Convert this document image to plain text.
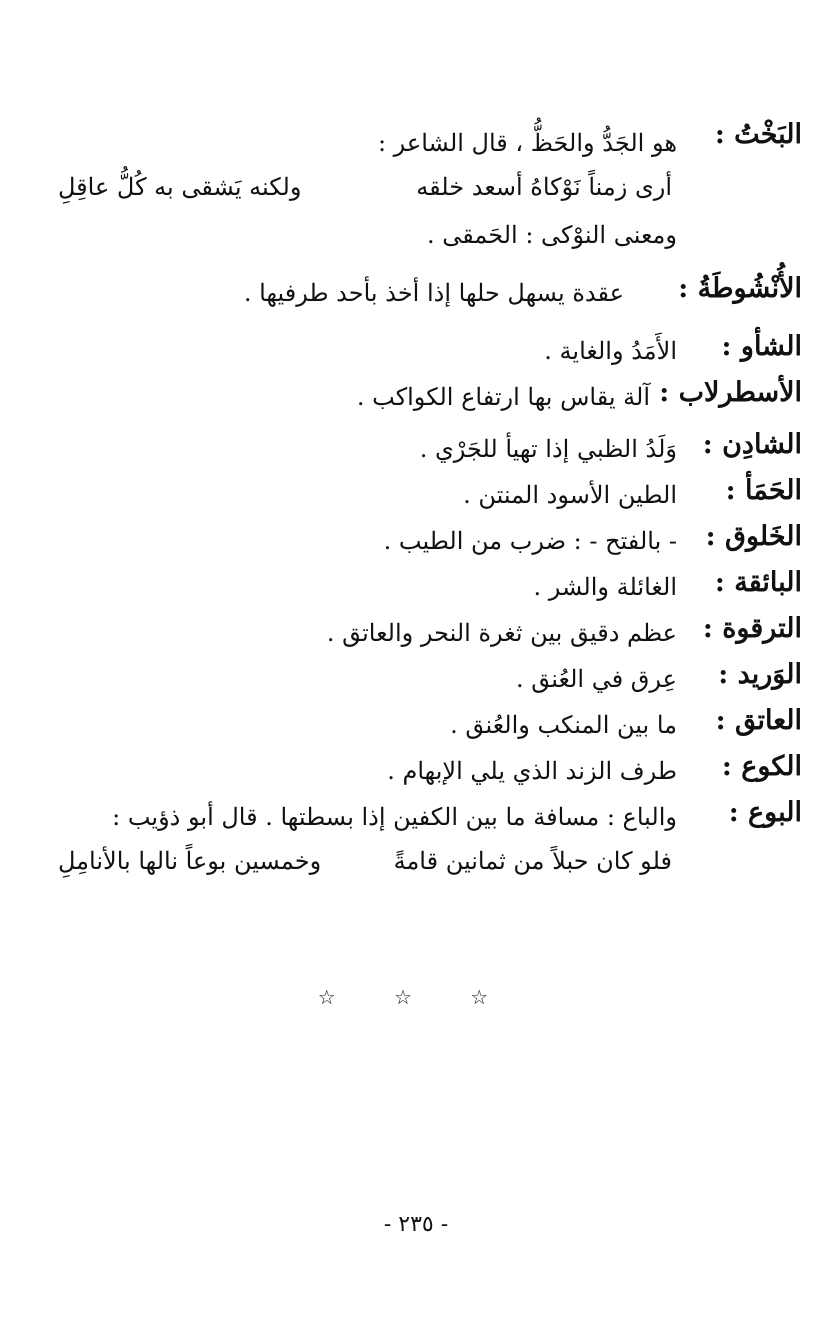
البَخْتُ :
هو الجَدُّ والحَظُّ ، قال الشاعر :
أرى زمناً نَوْكاهُ أسعد خلقه
ولكنه يَشقى به كُلُّ عاقِلِ
ومعنى النوْكى : الحَمقى .
الأُنْشُوطَةُ :
عقدة يسهل حلها إذا أخذ بأحد طرفيها .
الشأو :
الأَمَدُ والغاية .
الأسطرلاب :
آلة يقاس بها ارتفاع الكواكب .
الشادِن :
وَلَدُ الظبي إذا تهيأ للجَرْي .
الحَمَأ :
الطين الأسود المنتن .
الخَلوق :
- بالفتح - : ضرب من الطيب .
البائقة :
الغائلة والشر .
الترقوة :
عظم دقيق بين ثغرة النحر والعاتق .
الوَريد :
عِرق في العُنق .
العاتق :
ما بين المنكب والعُنق .
الكوع :
طرف الزند الذي يلي الإبهام .
البوع :
والباع : مسافة ما بين الكفين إذا بسطتها . قال أبو ذؤيب :
فلو كان حبلاً من ثمانين قامةً
وخمسين بوعاً نالها بالأنامِلِ
☆ ☆ ☆
- ٢٣٥ -
